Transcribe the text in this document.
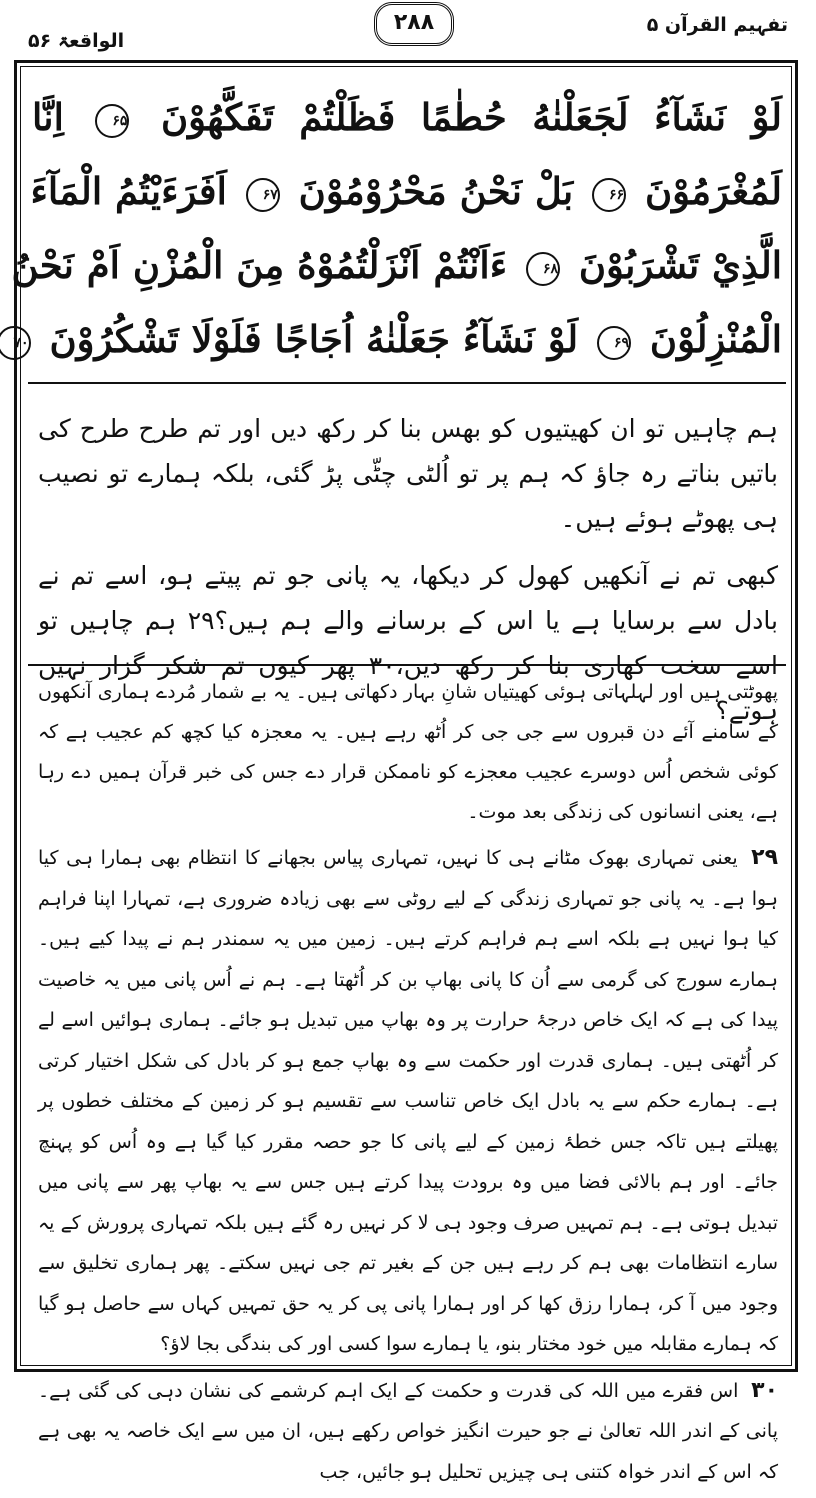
تفہیم القرآن ۵
۲۸۸
الواقعۃ ۵۶
لَوْ نَشَآءُ لَجَعَلْنٰهُ حُطٰمًا فَظَلْتُمْ تَفَكَّهُوْنَ ۶۵ اِنَّا
لَمُغْرَمُوْنَ ۶۶ بَلْ نَحْنُ مَحْرُوْمُوْنَ ۶۷ اَفَرَءَيْتُمُ الْمَآءَ
الَّذِيْ تَشْرَبُوْنَ ۶۸ ءَاَنْتُمْ اَنْزَلْتُمُوْهُ مِنَ الْمُزْنِ اَمْ نَحْنُ
الْمُنْزِلُوْنَ ۶۹ لَوْ نَشَآءُ جَعَلْنٰهُ اُجَاجًا فَلَوْلَا تَشْكُرُوْنَ ۷۰

ہم چاہیں تو ان کھیتیوں کو بھس بنا کر رکھ دیں اور تم طرح طرح کی باتیں بناتے رہ جاؤ کہ ہم پر تو اُلٹی چٹّی پڑ گئی، بلکہ ہمارے تو نصیب ہی پھوٹے ہوئے ہیں۔

کبھی تم نے آنکھیں کھول کر دیکھا، یہ پانی جو تم پیتے ہو، اسے تم نے بادل سے برسایا ہے یا اس کے برسانے والے ہم ہیں؟۲۹ ہم چاہیں تو اسے سخت کھاری بنا کر رکھ دیں،۳۰ پھر کیوں تم شکر گزار نہیں ہوتے؟

پھوٹتی ہیں اور لہلہاتی ہوئی کھیتیاں شانِ بہار دکھاتی ہیں۔ یہ بے شمار مُردے ہماری آنکھوں کے سامنے آئے دن قبروں سے جی جی کر اُٹھ رہے ہیں۔ یہ معجزہ کیا کچھ کم عجیب ہے کہ کوئی شخص اُس دوسرے عجیب معجزے کو ناممکن قرار دے جس کی خبر قرآن ہمیں دے رہا ہے، یعنی انسانوں کی زندگی بعد موت۔

۲۹ یعنی تمہاری بھوک مٹانے ہی کا نہیں، تمہاری پیاس بجھانے کا انتظام بھی ہمارا ہی کیا ہوا ہے۔ یہ پانی جو تمہاری زندگی کے لیے روٹی سے بھی زیادہ ضروری ہے، تمہارا اپنا فراہم کیا ہوا نہیں ہے بلکہ اسے ہم فراہم کرتے ہیں۔ زمین میں یہ سمندر ہم نے پیدا کیے ہیں۔ ہمارے سورج کی گرمی سے اُن کا پانی بھاپ بن کر اُٹھتا ہے۔ ہم نے اُس پانی میں یہ خاصیت پیدا کی ہے کہ ایک خاص درجۂ حرارت پر وہ بھاپ میں تبدیل ہو جائے۔ ہماری ہوائیں اسے لے کر اُٹھتی ہیں۔ ہماری قدرت اور حکمت سے وہ بھاپ جمع ہو کر بادل کی شکل اختیار کرتی ہے۔ ہمارے حکم سے یہ بادل ایک خاص تناسب سے تقسیم ہو کر زمین کے مختلف خطوں پر پھیلتے ہیں تاکہ جس خطۂ زمین کے لیے پانی کا جو حصہ مقرر کیا گیا ہے وہ اُس کو پہنچ جائے۔ اور ہم بالائی فضا میں وہ برودت پیدا کرتے ہیں جس سے یہ بھاپ پھر سے پانی میں تبدیل ہوتی ہے۔ ہم تمہیں صرف وجود ہی لا کر نہیں رہ گئے ہیں بلکہ تمہاری پرورش کے یہ سارے انتظامات بھی ہم کر رہے ہیں جن کے بغیر تم جی نہیں سکتے۔ پھر ہماری تخلیق سے وجود میں آ کر، ہمارا رزق کھا کر اور ہمارا پانی پی کر یہ حق تمہیں کہاں سے حاصل ہو گیا کہ ہمارے مقابلہ میں خود مختار بنو، یا ہمارے سوا کسی اور کی بندگی بجا لاؤ؟

۳۰ اس فقرے میں اللہ کی قدرت و حکمت کے ایک اہم کرشمے کی نشان دہی کی گئی ہے۔ پانی کے اندر اللہ تعالیٰ نے جو حیرت انگیز خواص رکھے ہیں، ان میں سے ایک خاصہ یہ بھی ہے کہ اس کے اندر خواہ کتنی ہی چیزیں تحلیل ہو جائیں، جب
